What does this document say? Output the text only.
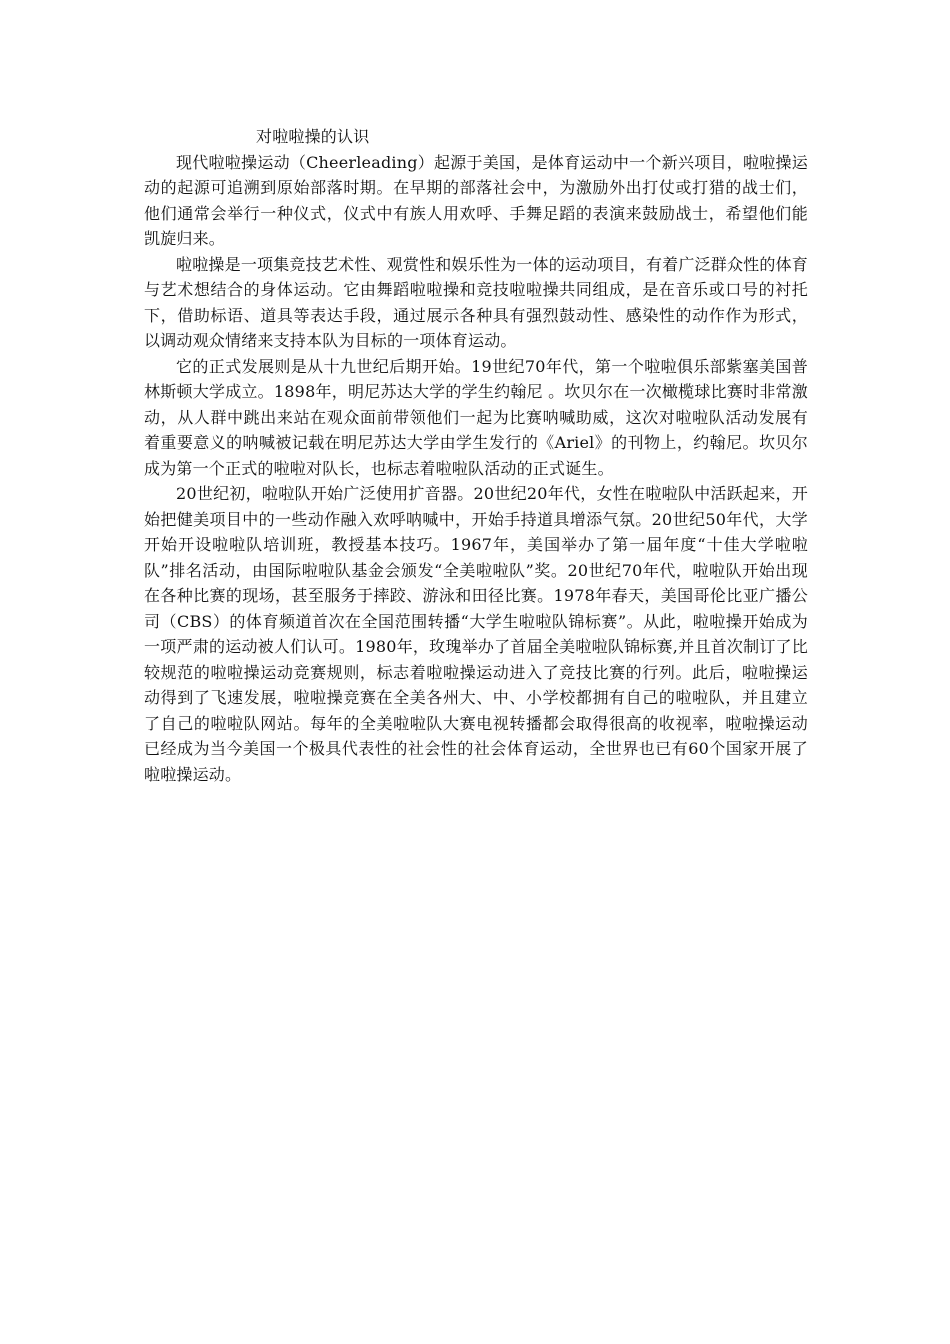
对啦啦操的认识

现代啦啦操运动（Cheerleading）起源于美国，是体育运动中一个新兴项目，啦啦操运动的起源可追溯到原始部落时期。在早期的部落社会中，为激励外出打仗或打猎的战士们，他们通常会举行一种仪式，仪式中有族人用欢呼、手舞足蹈的表演来鼓励战士，希望他们能凯旋归来。

啦啦操是一项集竞技艺术性、观赏性和娱乐性为一体的运动项目，有着广泛群众性的体育与艺术想结合的身体运动。它由舞蹈啦啦操和竞技啦啦操共同组成，是在音乐或口号的衬托下，借助标语、道具等表达手段，通过展示各种具有强烈鼓动性、感染性的动作作为形式，以调动观众情绪来支持本队为目标的一项体育运动。

它的正式发展则是从十九世纪后期开始。19世纪70年代，第一个啦啦俱乐部紫塞美国普林斯顿大学成立。1898年，明尼苏达大学的学生约翰尼 。坎贝尔在一次橄榄球比赛时非常激动，从人群中跳出来站在观众面前带领他们一起为比赛呐喊助威，这次对啦啦队活动发展有着重要意义的呐喊被记载在明尼苏达大学由学生发行的《Ariel》的刊物上，约翰尼。坎贝尔成为第一个正式的啦啦对队长，也标志着啦啦队活动的正式诞生。

20世纪初，啦啦队开始广泛使用扩音器。20世纪20年代，女性在啦啦队中活跃起来，开始把健美项目中的一些动作融入欢呼呐喊中，开始手持道具增添气氛。20世纪50年代，大学开始开设啦啦队培训班，教授基本技巧。1967年，美国举办了第一届年度“十佳大学啦啦队”排名活动，由国际啦啦队基金会颁发“全美啦啦队”奖。20世纪70年代，啦啦队开始出现在各种比赛的现场，甚至服务于摔跤、游泳和田径比赛。1978年春天，美国哥伦比亚广播公司（CBS）的体育频道首次在全国范围转播“大学生啦啦队锦标赛”。从此，啦啦操开始成为一项严肃的运动被人们认可。1980年，玫瑰举办了首届全美啦啦队锦标赛,并且首次制订了比较规范的啦啦操运动竞赛规则，标志着啦啦操运动进入了竞技比赛的行列。此后，啦啦操运动得到了飞速发展，啦啦操竞赛在全美各州大、中、小学校都拥有自己的啦啦队，并且建立了自己的啦啦队网站。每年的全美啦啦队大赛电视转播都会取得很高的收视率，啦啦操运动已经成为当今美国一个极具代表性的社会性的社会体育运动，全世界也已有60个国家开展了啦啦操运动。
